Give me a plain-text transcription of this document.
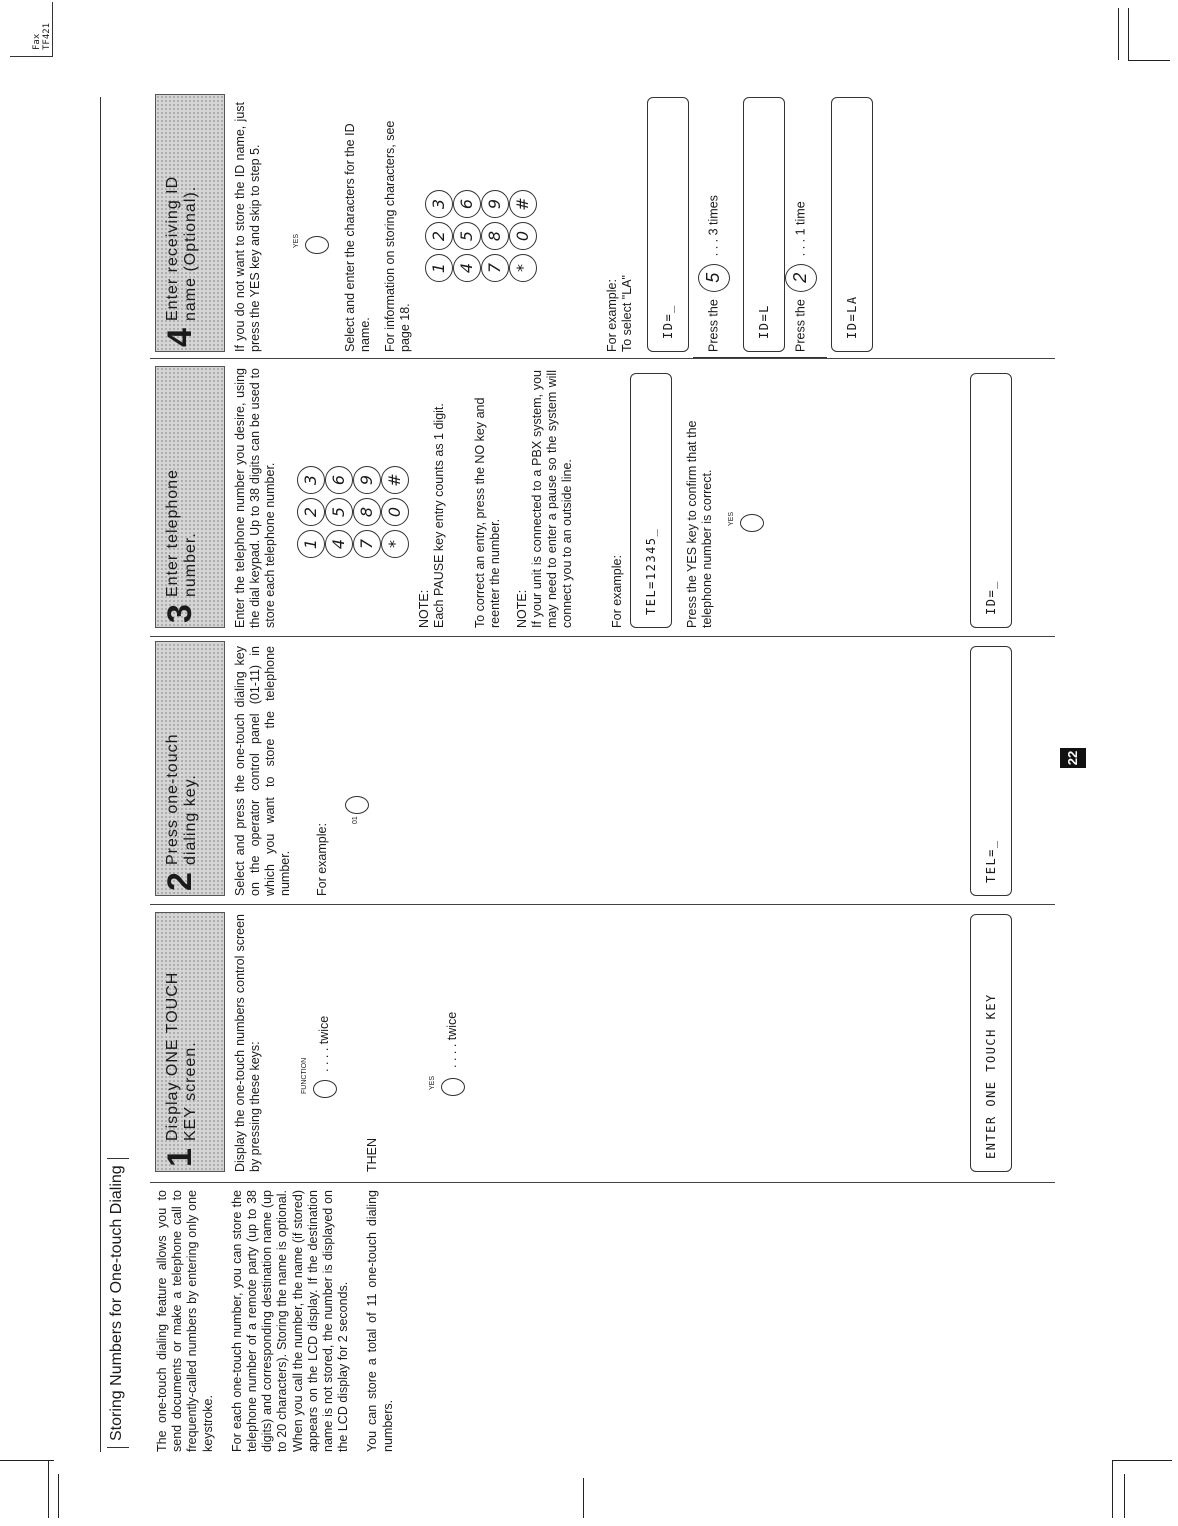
Fax
TF421
Storing Numbers for One-touch Dialing	The one-touch dialing feature allows you to send documents or make a telephone call to frequently-called numbers by entering only one keystroke. For each one-touch number, you can store the telephone number of a remote party (up to 38 digits) and corresponding destination name (up to 20 characters). Storing the name is optional. When you call the number, the name (if stored) appears on the LCD display. If the destination name is not stored, the number is displayed on the LCD display for 2 seconds. You can store a total of 11 one-touch dialing numbers.

1
Display ONE TOUCH KEY screen.	Display the one-touch numbers control screen by pressing these keys:	FUNCTION
. . . . twice
THEN
YES
. . . . twice	ENTER ONE TOUCH KEY
2
Press one-touch dialing key.	Select and press the one-touch dialing key on the operator control panel (01-11) in which you want to store the telephone number. For example:
01
TEL=_
3
Enter telephone number.	Enter the telephone number you desire, using the dial keypad. Up to 38 digits can be used to store each telephone number. 1
2
3
4
5
6
7
8
9
*
0
#
NOTE: Each PAUSE key entry counts as 1 digit. To correct an entry, press the NO key and reenter the number. NOTE: If your unit is connected to a PBX system, you may need to enter a pause so the system will connect you to an outside line.	For example:	TEL=12345_	Press the YES key to confirm that the telephone number is correct. YES
ID=_
4
Enter receiving ID name (Optional).	If you do not want to store the ID name, just press the YES key and skip to step 5.	YES	Select and enter the characters for the ID name. For information on storing characters, see page 18.
1
2
3
4
5
6
7
8
9
*
0
#
For example: To select "LA"	ID=_	Press the 5 . . . 3 times
ID=L	Press the 2 . . . 1 time
ID=LA
22
